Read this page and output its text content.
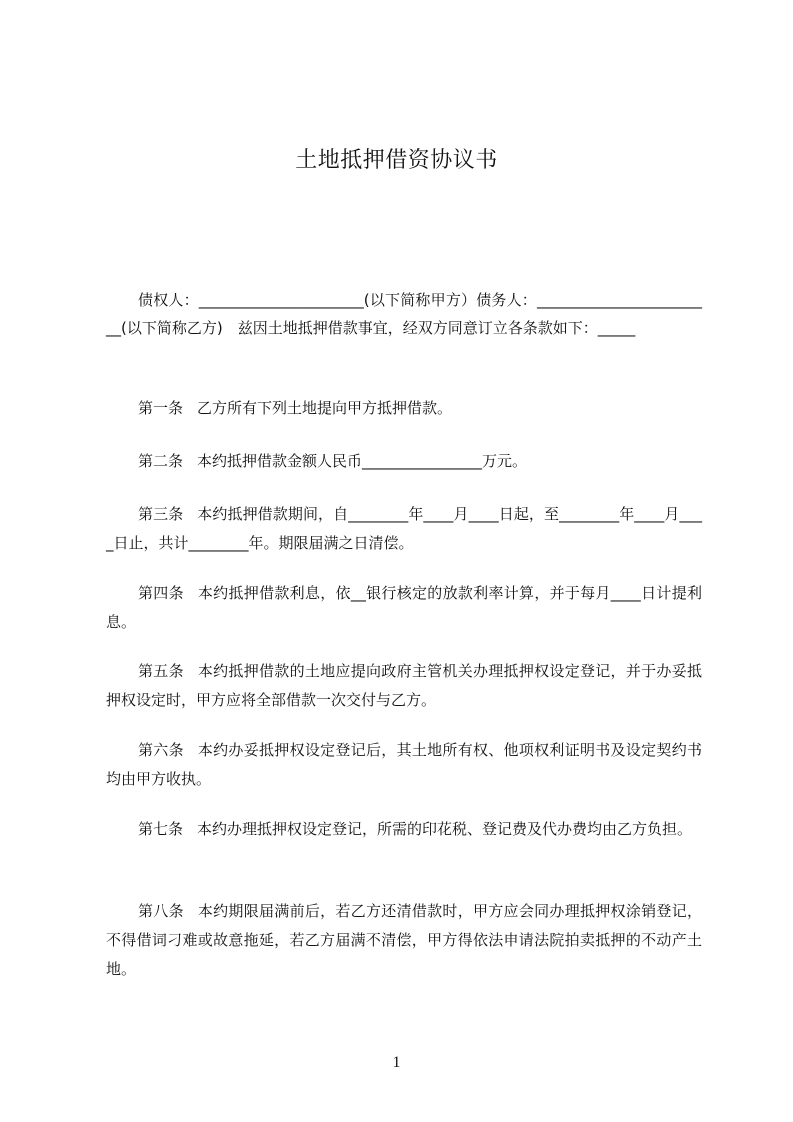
土地抵押借资协议书
债权人：______________________(以下简称甲方）债务人：________________________(以下简称乙方)　兹因土地抵押借款事宜，经双方同意订立各条款如下：_____
第一条 乙方所有下列土地提向甲方抵押借款。
第二条 本约抵押借款金额人民币________________万元。
第三条 本约抵押借款期间，自________年____月____日起，至________年____月____日止，共计________年。期限届满之日清偿。
第四条 本约抵押借款利息，依__银行核定的放款利率计算，并于每月____日计提利息。
第五条 本约抵押借款的土地应提向政府主管机关办理抵押权设定登记，并于办妥抵押权设定时，甲方应将全部借款一次交付与乙方。
第六条 本约办妥抵押权设定登记后，其土地所有权、他项权利证明书及设定契约书均由甲方收执。
第七条 本约办理抵押权设定登记，所需的印花税、登记费及代办费均由乙方负担。
第八条 本约期限届满前后，若乙方还清借款时，甲方应会同办理抵押权涂销登记，不得借词刁难或故意拖延，若乙方届满不清偿，甲方得依法申请法院拍卖抵押的不动产土地。
1
